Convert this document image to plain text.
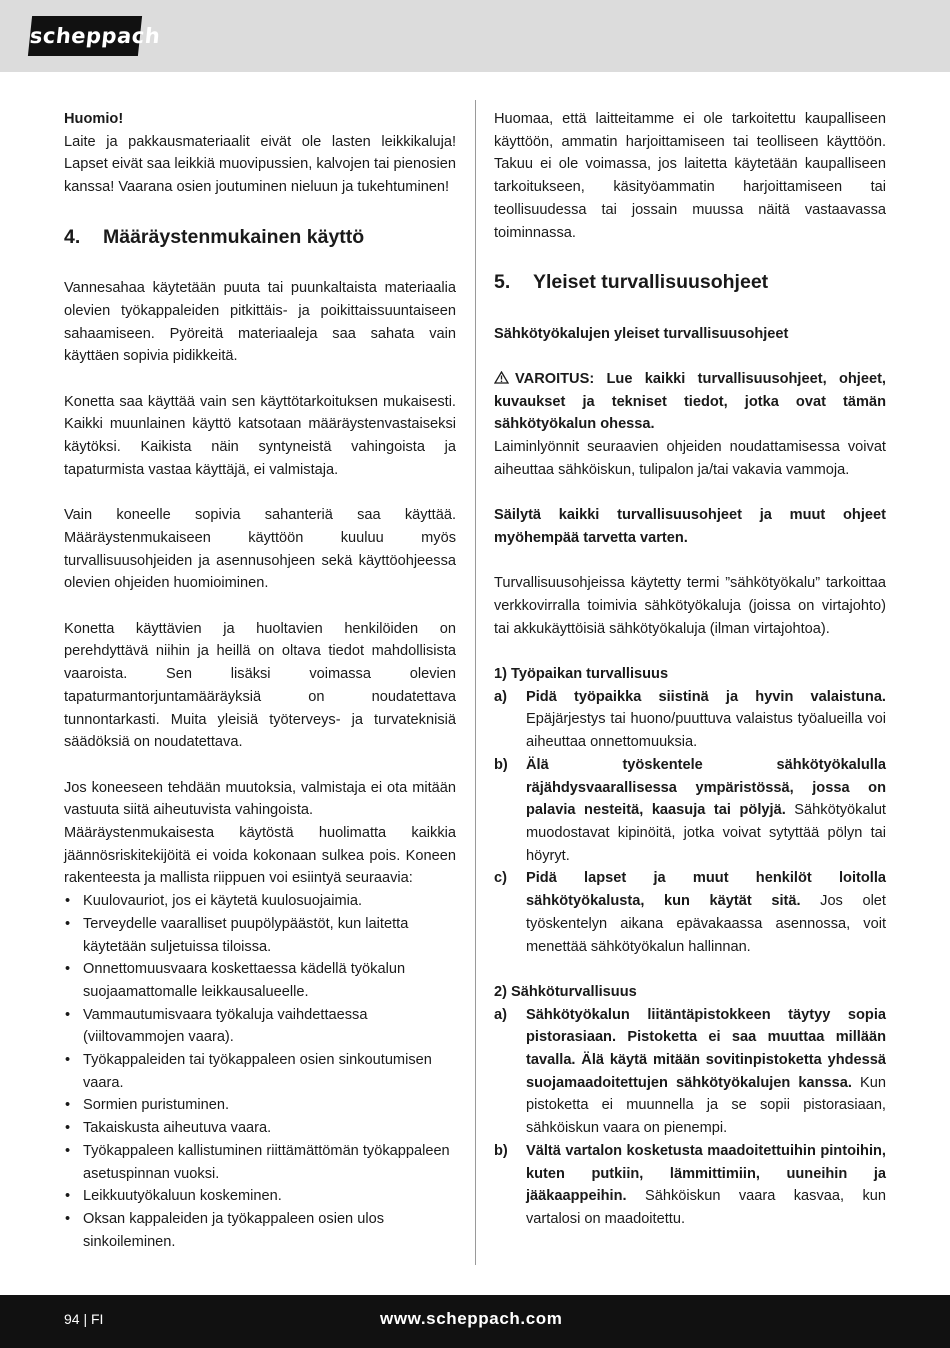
scheppach

Huomio!

Laite ja pakkausmateriaalit eivät ole lasten leikkikaluja! Lapset eivät saa leikkiä muovipussien, kalvojen tai pienosien kanssa! Vaarana osien joutuminen nieluun ja tukehtuminen!

4.	Määräystenmukainen käyttö

Vannesahaa käytetään puuta tai puunkaltaista materiaalia olevien työkappaleiden pitkittäis- ja poikittaissuuntaiseen sahaamiseen. Pyöreitä materiaaleja saa sahata vain käyttäen sopivia pidikkeitä.

Konetta saa käyttää vain sen käyttötarkoituksen mukaisesti. Kaikki muunlainen käyttö katsotaan määräystenvastaiseksi käytöksi. Kaikista näin syntyneistä vahingoista ja tapaturmista vastaa käyttäjä, ei valmistaja.

Vain koneelle sopivia sahanteriä saa käyttää. Määräystenmukaiseen käyttöön kuuluu myös turvallisuusohjeiden ja asennusohjeen sekä käyttöohjeessa olevien ohjeiden huomioiminen.

Konetta käyttävien ja huoltavien henkilöiden on perehdyttävä niihin ja heillä on oltava tiedot mahdollisista vaaroista. Sen lisäksi voimassa olevien tapaturmantorjuntamääräyksiä on noudatettava tunnontarkasti. Muita yleisiä työterveys- ja turvateknisiä säädöksiä on noudatettava.

Jos koneeseen tehdään muutoksia, valmistaja ei ota mitään vastuuta siitä aiheutuvista vahingoista.

Määräystenmukaisesta käytöstä huolimatta kaikkia jäännösriskitekijöitä ei voida kokonaan sulkea pois. Koneen rakenteesta ja mallista riippuen voi esiintyä seuraavia:

• Kuulovauriot, jos ei käytetä kuulosuojaimia.
• Terveydelle vaaralliset puupölypäästöt, kun laitetta käytetään suljetuissa tiloissa.
• Onnettomuusvaara koskettaessa kädellä työkalun suojaamattomalle leikkausalueelle.
• Vammautumisvaara työkaluja vaihdettaessa (viiltovammojen vaara).
• Työkappaleiden tai työkappaleen osien sinkoutumisen vaara.
• Sormien puristuminen.
• Takaiskusta aiheutuva vaara.
• Työkappaleen kallistuminen riittämättömän työkappaleen asetuspinnan vuoksi.
• Leikkuutyökaluun koskeminen.
• Oksan kappaleiden ja työkappaleen osien ulos sinkoileminen.

Huomaa, että laitteitamme ei ole tarkoitettu kaupalliseen käyttöön, ammatin harjoittamiseen tai teolliseen käyttöön. Takuu ei ole voimassa, jos laitetta käytetään kaupalliseen tarkoitukseen, käsityöammatin harjoittamiseen tai teollisuudessa tai jossain muussa näitä vastaavassa toiminnassa.

5.	Yleiset turvallisuusohjeet

Sähkötyökalujen yleiset turvallisuusohjeet

VAROITUS: Lue kaikki turvallisuusohjeet, ohjeet, kuvaukset ja tekniset tiedot, jotka ovat tämän sähkötyökalun ohessa.

Laiminlyönnit seuraavien ohjeiden noudattamisessa voivat aiheuttaa sähköiskun, tulipalon ja/tai vakavia vammoja.

Säilytä kaikki turvallisuusohjeet ja muut ohjeet myöhempää tarvetta varten.

Turvallisuusohjeissa käytetty termi ”sähkötyökalu” tarkoittaa verkkovirralla toimivia sähkötyökaluja (joissa on virtajohto) tai akkukäyttöisiä sähkötyökaluja (ilman virtajohtoa).

1) Työpaikan turvallisuus

a)	Pidä työpaikka siistinä ja hyvin valaistuna. Epäjärjestys tai huono/puuttuva valaistus työalueilla voi aiheuttaa onnettomuuksia.

b)	Älä työskentele sähkötyökalulla räjähdysvaarallisessa ympäristössä, jossa on palavia nesteitä, kaasuja tai pölyjä. Sähkötyökalut muodostavat kipinöitä, jotka voivat sytyttää pölyn tai höyryt.

c)	Pidä lapset ja muut henkilöt loitolla sähkötyökalusta, kun käytät sitä. Jos olet työskentelyn aikana epävakaassa asennossa, voit menettää sähkötyökalun hallinnan.

2) Sähköturvallisuus

a)	Sähkötyökalun liitäntäpistokkeen täytyy sopia pistorasiaan. Pistoketta ei saa muuttaa millään tavalla. Älä käytä mitään sovitinpistoketta yhdessä suojamaadoitettujen sähkötyökalujen kanssa. Kun pistoketta ei muunnella ja se sopii pistorasiaan, sähköiskun vaara on pienempi.

b)	Vältä vartalon kosketusta maadoitettuihin pintoihin, kuten putkiin, lämmittimiin, uuneihin ja jääkaappeihin. Sähköiskun vaara kasvaa, kun vartalosi on maadoitettu.

94 | FI	www.scheppach.com
